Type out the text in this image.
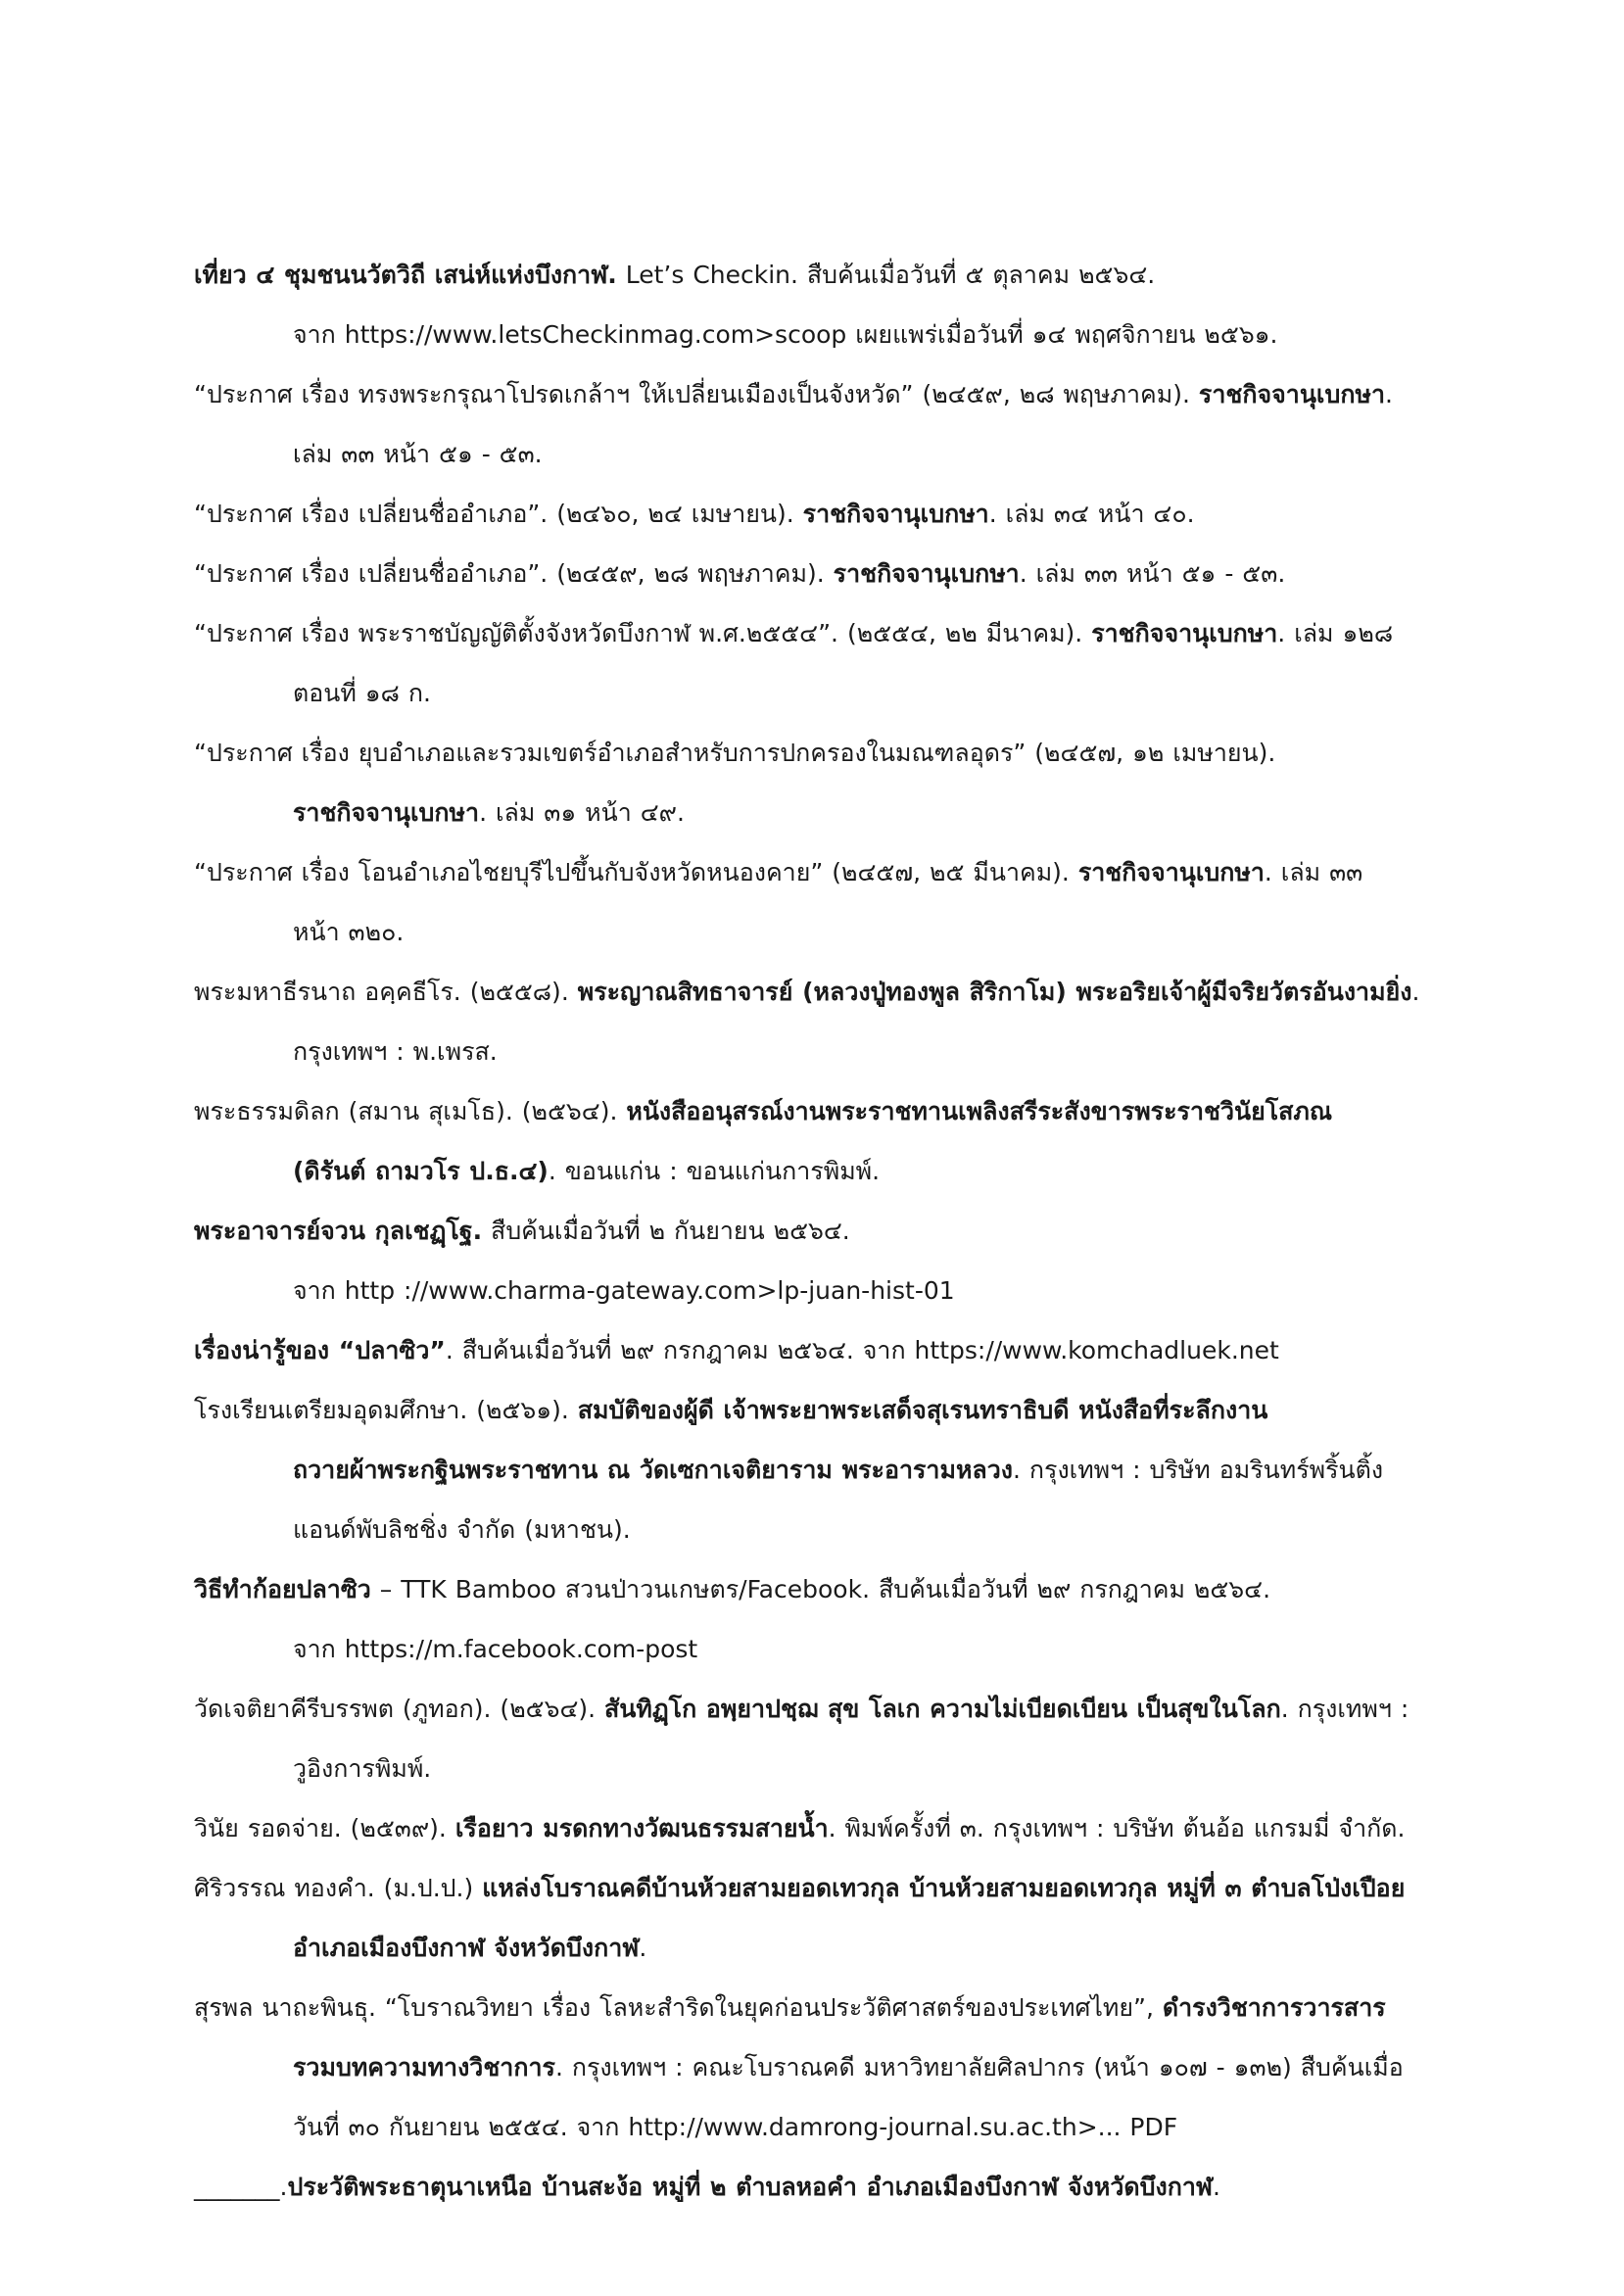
เที่ยว ๔ ชุมชนนวัตวิถี เสน่ห์แห่งบึงกาฬ. Let’s Checkin. สืบค้นเมื่อวันที่ ๕ ตุลาคม ๒๕๖๔.
จาก https://www.letsCheckinmag.com>scoop เผยแพร่เมื่อวันที่ ๑๔ พฤศจิกายน ๒๕๖๑.
“ประกาศ เรื่อง ทรงพระกรุณาโปรดเกล้าฯ ให้เปลี่ยนเมืองเป็นจังหวัด” (๒๔๕๙, ๒๘ พฤษภาคม). ราชกิจจานุเบกษา.
เล่ม ๓๓ หน้า ๕๑ - ๕๓.
“ประกาศ เรื่อง เปลี่ยนชื่ออำเภอ”. (๒๔๖๐, ๒๔ เมษายน). ราชกิจจานุเบกษา. เล่ม ๓๔ หน้า ๔๐.
“ประกาศ เรื่อง เปลี่ยนชื่ออำเภอ”. (๒๔๕๙, ๒๘ พฤษภาคม). ราชกิจจานุเบกษา. เล่ม ๓๓ หน้า ๕๑ - ๕๓.
“ประกาศ เรื่อง พระราชบัญญัติตั้งจังหวัดบึงกาฬ พ.ศ.๒๕๕๔”. (๒๕๕๔, ๒๒ มีนาคม). ราชกิจจานุเบกษา. เล่ม ๑๒๘
ตอนที่ ๑๘ ก.
“ประกาศ เรื่อง ยุบอำเภอและรวมเขตร์อำเภอสำหรับการปกครองในมณฑลอุดร” (๒๔๕๗, ๑๒ เมษายน).
ราชกิจจานุเบกษา. เล่ม ๓๑ หน้า ๔๙.
“ประกาศ เรื่อง โอนอำเภอไชยบุรีไปขึ้นกับจังหวัดหนองคาย” (๒๔๕๗, ๒๕ มีนาคม). ราชกิจจานุเบกษา. เล่ม ๓๓
หน้า ๓๒๐.
พระมหาธีรนาถ อคฺคธีโร. (๒๕๕๘). พระญาณสิทธาจารย์ (หลวงปู่ทองพูล สิริกาโม) พระอริยเจ้าผู้มีจริยวัตรอันงามยิ่ง.
กรุงเทพฯ : พ.เพรส.
พระธรรมดิลก (สมาน สุเมโธ). (๒๕๖๔). หนังสืออนุสรณ์งานพระราชทานเพลิงสรีระสังขารพระราชวินัยโสภณ
(ดิรันต์ ถามวโร ป.ธ.๔). ขอนแก่น : ขอนแก่นการพิมพ์.
พระอาจารย์จวน กุลเชฏฺโฐ. สืบค้นเมื่อวันที่ ๒ กันยายน ๒๕๖๔.
จาก http ://www.charma-gateway.com>lp-juan-hist-01
เรื่องน่ารู้ของ “ปลาซิว”. สืบค้นเมื่อวันที่ ๒๙ กรกฎาคม ๒๕๖๔. จาก https://www.komchadluek.net
โรงเรียนเตรียมอุดมศึกษา. (๒๕๖๑). สมบัติของผู้ดี เจ้าพระยาพระเสด็จสุเรนทราธิบดี หนังสือที่ระลึกงาน
ถวายผ้าพระกฐินพระราชทาน ณ วัดเซกาเจติยาราม พระอารามหลวง. กรุงเทพฯ : บริษัท อมรินทร์พริ้นติ้ง
แอนด์พับลิชชิ่ง จำกัด (มหาชน).
วิธีทำก้อยปลาซิว – TTK Bamboo สวนป่าวนเกษตร/Facebook. สืบค้นเมื่อวันที่ ๒๙ กรกฎาคม ๒๕๖๔.
จาก https://m.facebook.com-post
วัดเจติยาคีรีบรรพต (ภูทอก). (๒๕๖๔). สันทิฏฺโก อพฺยาปชฺฌ สุข โลเก ความไม่เบียดเบียน เป็นสุขในโลก. กรุงเทพฯ :
วูอิงการพิมพ์.
วินัย รอดจ่าย. (๒๕๓๙). เรือยาว มรดกทางวัฒนธรรมสายน้ำ. พิมพ์ครั้งที่ ๓. กรุงเทพฯ : บริษัท ต้นอ้อ แกรมมี่ จำกัด.
ศิริวรรณ ทองคำ. (ม.ป.ป.) แหล่งโบราณคดีบ้านห้วยสามยอดเทวกุล บ้านห้วยสามยอดเทวกุล หมู่ที่ ๓ ตำบลโป่งเปือย
อำเภอเมืองบึงกาฬ จังหวัดบึงกาฬ.
สุรพล นาถะพินธุ. “โบราณวิทยา เรื่อง โลหะสำริดในยุคก่อนประวัติศาสตร์ของประเทศไทย”, ดำรงวิชาการวารสาร
รวมบทความทางวิชาการ. กรุงเทพฯ : คณะโบราณคดี มหาวิทยาลัยศิลปากร (หน้า ๑๐๗ - ๑๓๒) สืบค้นเมื่อ
วันที่ ๓๐ กันยายน ๒๕๕๔. จาก http://www.damrong-journal.su.ac.th>... PDF
_______.ประวัติพระธาตุนาเหนือ บ้านสะง้อ หมู่ที่ ๒ ตำบลหอคำ อำเภอเมืองบึงกาฬ จังหวัดบึงกาฬ.
